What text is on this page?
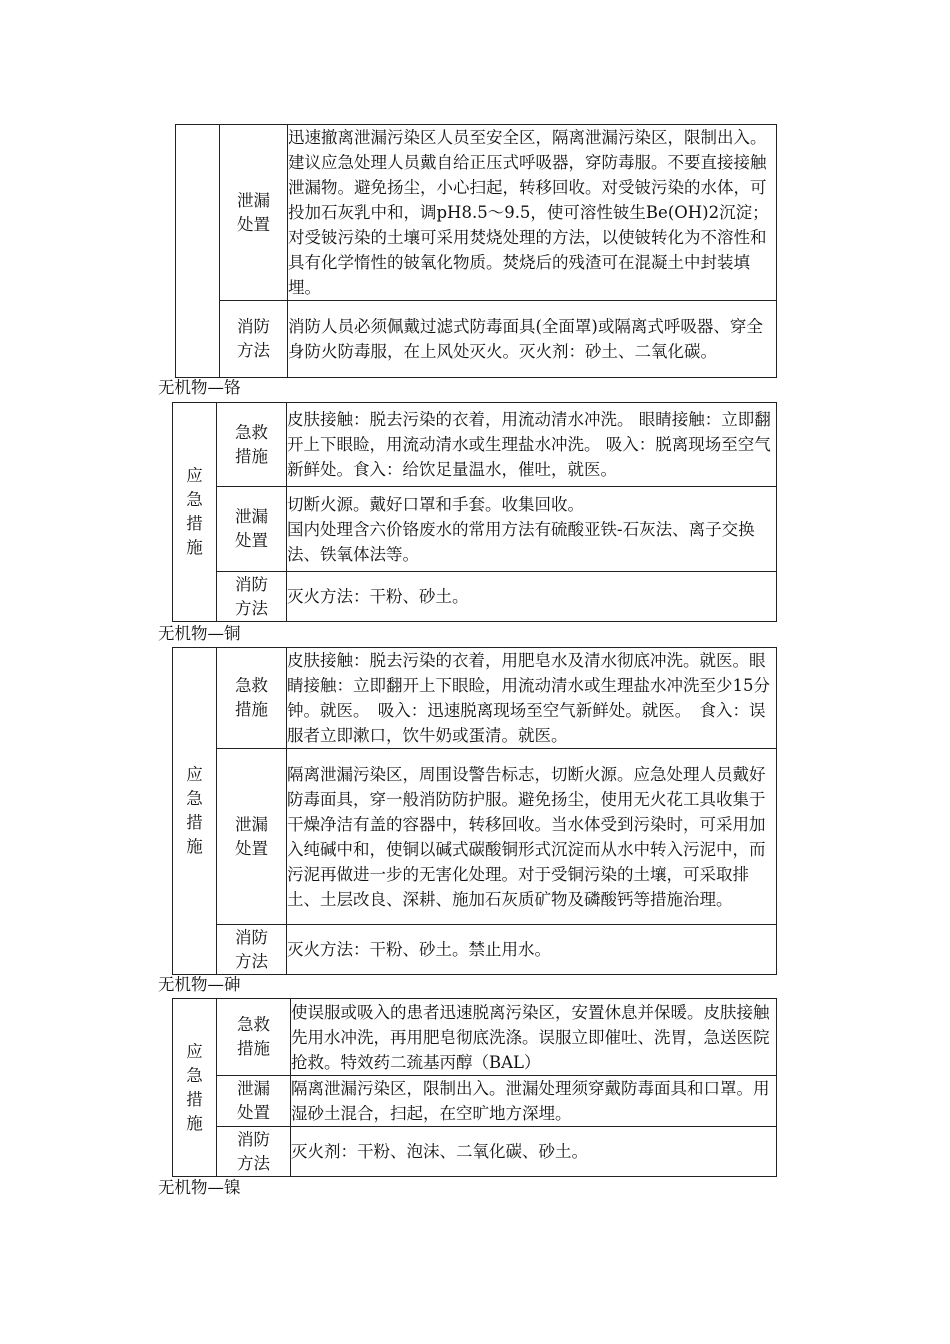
	泄漏处置	迅速撤离泄漏污染区人员至安全区，隔离泄漏污染区，限制出入。建议应急处理人员戴自给正压式呼吸器，穿防毒服。不要直接接触泄漏物。避免扬尘，小心扫起，转移回收。对受铍污染的水体，可投加石灰乳中和，调pH8.5～9.5，使可溶性铍生Be(OH)2沉淀；对受铍污染的土壤可采用焚烧处理的方法，以使铍转化为不溶性和具有化学惰性的铍氧化物质。焚烧后的残渣可在混凝土中封装填埋。
	消防方法	消防人员必须佩戴过滤式防毒面具(全面罩)或隔离式呼吸器、穿全身防火防毒服，在上风处灭火。灭火剂：砂土、二氧化碳。
无机物—铬
应急措施	急救措施	皮肤接触：脱去污染的衣着，用流动清水冲洗。 眼睛接触：立即翻开上下眼睑，用流动清水或生理盐水冲洗。 吸入：脱离现场至空气新鲜处。食入：给饮足量温水，催吐，就医。
	泄漏处置	切断火源。戴好口罩和手套。收集回收。
国内处理含六价铬废水的常用方法有硫酸亚铁-石灰法、离子交换法、铁氧体法等。

	消防方法	灭火方法：干粉、砂土。
无机物—铜
应急措施	急救措施	皮肤接触：脱去污染的衣着，用肥皂水及清水彻底冲洗。就医。眼睛接触：立即翻开上下眼睑，用流动清水或生理盐水冲洗至少15分钟。就医。　吸入：迅速脱离现场至空气新鲜处。就医。　食入：误服者立即漱口，饮牛奶或蛋清。就医。
	泄漏处置	隔离泄漏污染区，周围设警告标志，切断火源。应急处理人员戴好防毒面具，穿一般消防防护服。避免扬尘，使用无火花工具收集于干燥净洁有盖的容器中，转移回收。当水体受到污染时，可采用加入纯碱中和，使铜以碱式碳酸铜形式沉淀而从水中转入污泥中，而污泥再做进一步的无害化处理。对于受铜污染的土壤，可采取排土、土层改良、深耕、施加石灰质矿物及磷酸钙等措施治理。
	消防方法	灭火方法：干粉、砂土。禁止用水。
无机物—砷
应急措施	急救措施	使误服或吸入的患者迅速脱离污染区，安置休息并保暖。皮肤接触先用水冲洗，再用肥皂彻底洗涤。误服立即催吐、洗胃，急送医院抢救。特效药二巯基丙醇（BAL）
	泄漏处置	隔离泄漏污染区，限制出入。泄漏处理须穿戴防毒面具和口罩。用湿砂土混合，扫起，在空旷地方深埋。
	消防方法	灭火剂：干粉、泡沫、二氧化碳、砂土。
无机物—镍
